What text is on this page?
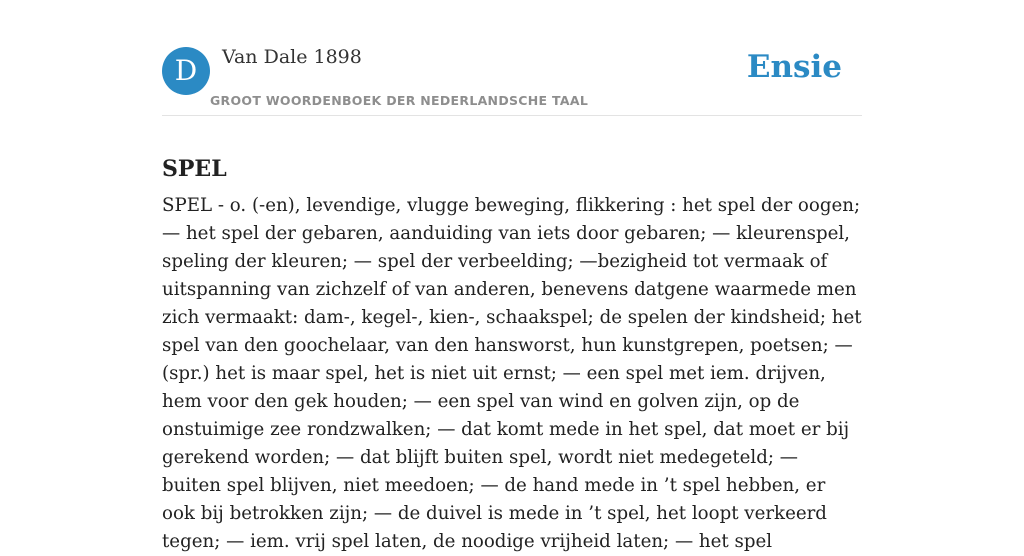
D	Van Dale 1898
GROOT WOORDENBOEK DER NEDERLANDSCHE TAAL
Ensie
SPEL

SPEL - o. (-en), levendige, vlugge beweging, flikkering : het spel der oogen; — het spel der gebaren, aanduiding van iets door gebaren; — kleurenspel, speling der kleuren; — spel der verbeelding; —bezigheid tot vermaak of uitspanning van zichzelf of van anderen, benevens datgene waarmede men zich vermaakt: dam-, kegel-, kien-, schaakspel; de spelen der kindsheid; het spel van den goochelaar, van den hansworst, hun kunstgrepen, poetsen; — (spr.) het is maar spel, het is niet uit ernst; — een spel met iem. drijven, hem voor den gek houden; — een spel van wind en golven zijn, op de onstuimige zee rondzwalken; — dat komt mede in het spel, dat moet er bij gerekend worden; — dat blijft buiten spel, wordt niet medegeteld; — buiten spel blijven, niet meedoen; — de hand mede in ’t spel hebben, er ook bij betrokken zijn; — de duivel is mede in ’t spel, het loopt verkeerd tegen; — iem. vrij spel laten, de noodige vrijheid laten; — het spel
